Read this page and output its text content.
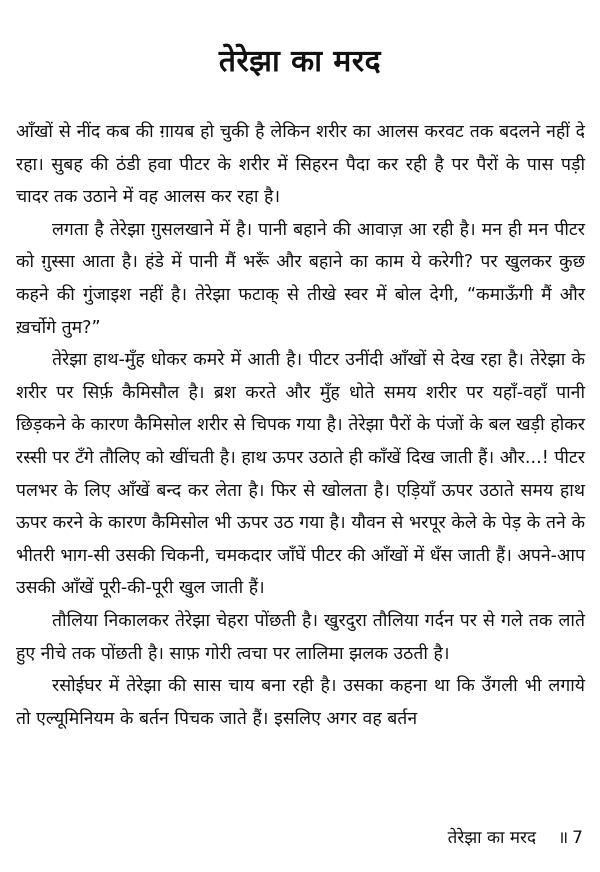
तेरेझा का मरद

आँखों से नींद कब की ग़ायब हो चुकी है लेकिन शरीर का आलस करवट तक बदलने नहीं दे रहा। सुबह की ठंडी हवा पीटर के शरीर में सिहरन पैदा कर रही है पर पैरों के पास पड़ी चादर तक उठाने में वह आलस कर रहा है।

लगता है तेरेझा ग़ुसलखाने में है। पानी बहाने की आवाज़ आ रही है। मन ही मन पीटर को ग़ुस्सा आता है। हंडे में पानी मैं भरूँ और बहाने का काम ये करेगी? पर खुलकर कुछ कहने की गुंजाइश नहीं है। तेरेझा फटाक् से तीखे स्वर में बोल देगी, “कमाऊँगी मैं और ख़र्चोगे तुम?”

तेरेझा हाथ-मुँह धोकर कमरे में आती है। पीटर उनींदी आँखों से देख रहा है। तेरेझा के शरीर पर सिर्फ़ कैमिसौल है। ब्रश करते और मुँह धोते समय शरीर पर यहाँ-वहाँ पानी छिड़कने के कारण कैमिसोल शरीर से चिपक गया है। तेरेझा पैरों के पंजों के बल खड़ी होकर रस्सी पर टँगे तौलिए को खींचती है। हाथ ऊपर उठाते ही काँखें दिख जाती हैं। और...! पीटर पलभर के लिए आँखें बन्द कर लेता है। फिर से खोलता है। एड़ियाँ ऊपर उठाते समय हाथ ऊपर करने के कारण कैमिसोल भी ऊपर उठ गया है। यौवन से भरपूर केले के पेड़ के तने के भीतरी भाग-सी उसकी चिकनी, चमकदार जाँघें पीटर की आँखों में धँस जाती हैं। अपने-आप उसकी आँखें पूरी-की-पूरी खुल जाती हैं।

तौलिया निकालकर तेरेझा चेहरा पोंछती है। खुरदुरा तौलिया गर्दन पर से गले तक लाते हुए नीचे तक पोंछती है। साफ़ गोरी त्वचा पर लालिमा झलक उठती है।

रसोईघर में तेरेझा की सास चाय बना रही है। उसका कहना था कि उँगली भी लगाये तो एल्यूमिनियम के बर्तन पिचक जाते हैं। इसलिए अगर वह बर्तन

तेरेझा का मरद ॥ 7
